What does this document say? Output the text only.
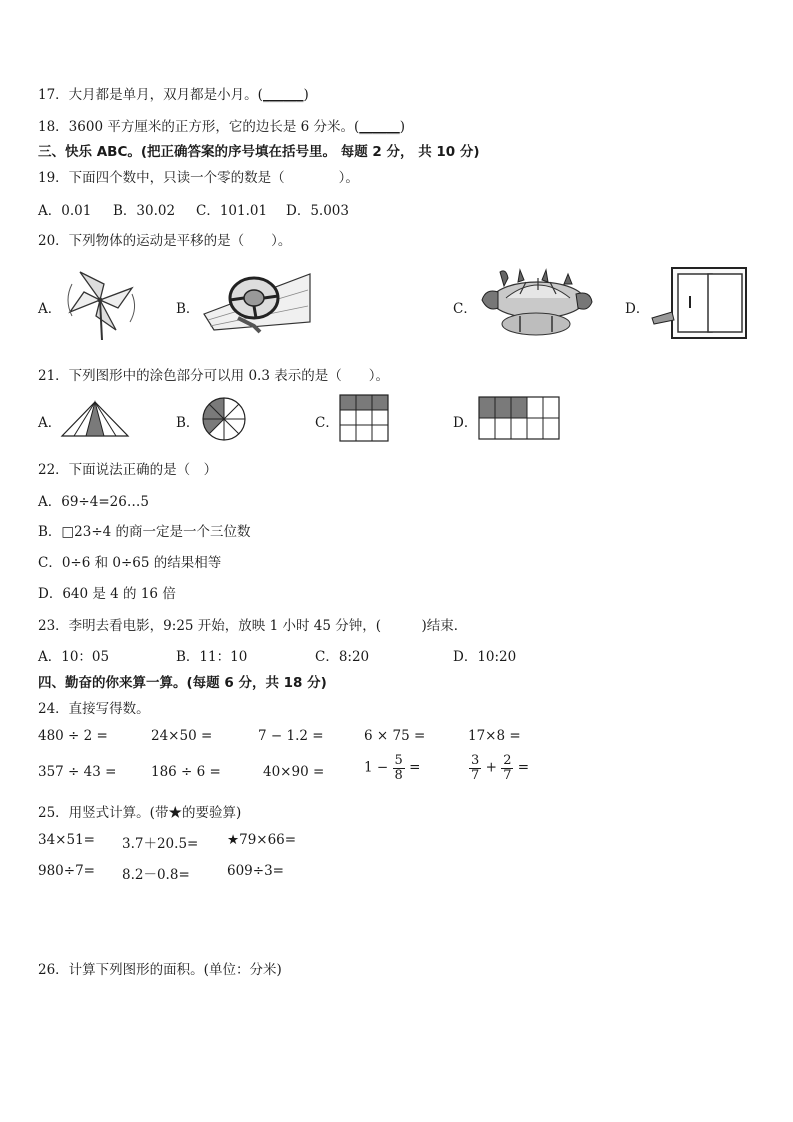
17．大月都是单月，双月都是小月。(______)
18．3600 平方厘米的正方形，它的边长是 6 分米。(______)
三、快乐 ABC。(把正确答案的序号填在括号里。 每题 2 分， 共 10 分)
19．下面四个数中，只读一个零的数是（　　　　）。
A．0.01 B．30.02 C．101.01 D．5.003
20．下列物体的运动是平移的是（　　）。
A．	B．	C．	D．
21．下列图形中的涂色部分可以用 0.3 表示的是（　　）。
A．	B．	C．	D．
22．下面说法正确的是（　）
A．69÷4=26…5
B．□23÷4 的商一定是一个三位数
C．0÷6 和 0÷65 的结果相等
D．640 是 4 的 16 倍
23．李明去看电影，9:25 开始，放映 1 小时 45 分钟，(　　　)结束．
A．10：05	B．11：10	C．8:20	D．10:20
四、勤奋的你来算一算。(每题 6 分，共 18 分)
24．直接写得数。
480 ÷ 2 =	24×50 =	7 − 1.2 =	6 × 75 =	17×8 =
357 ÷ 43 =	186 ÷ 6 =	40×90 =	$1 - \frac{5}{8}$ =	$\frac{3}{7} + \frac{2}{7}$ =
25．用竖式计算。(带★的要验算)
34×51= 3.7＋20.5= ★79×66=
980÷7= 8.2－0.8=	609÷3=
26．计算下列图形的面积。(单位：分米)
